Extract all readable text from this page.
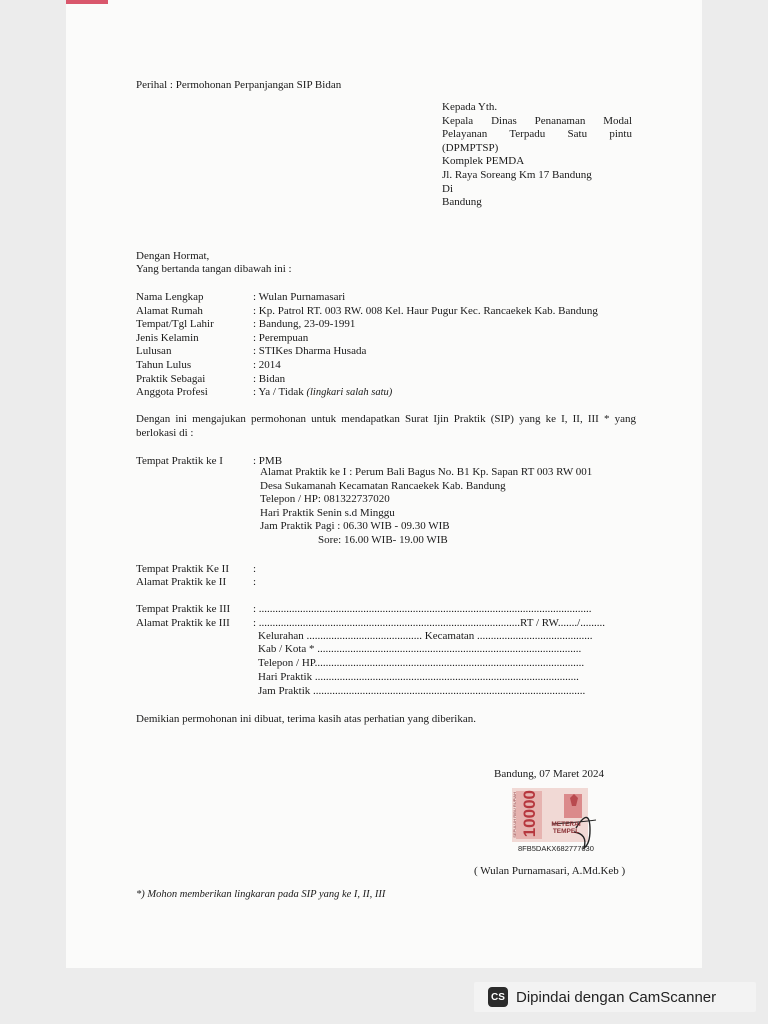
Perihal : Permohonan Perpanjangan SIP Bidan
Kepada Yth.
Kepala Dinas Penanaman Modal
Pelayanan Terpadu Satu pintu
(DPMPTSP)
Komplek PEMDA
Jl. Raya Soreang Km 17 Bandung
Di
Bandung
Dengan Hormat,
Yang bertanda tangan dibawah ini :
Nama Lengkap	: Wulan Purnamasari
Alamat Rumah	: Kp. Patrol RT. 003 RW. 008 Kel. Haur Pugur Kec. Rancaekek Kab. Bandung
Tempat/Tgl Lahir	: Bandung, 23-09-1991
Jenis Kelamin	: Perempuan
Lulusan	: STIKes Dharma Husada
Tahun Lulus	: 2014
Praktik Sebagai	: Bidan
Anggota Profesi	: Ya / Tidak
(lingkari salah satu)
Dengan ini mengajukan permohonan untuk mendapatkan Surat Ijin Praktik (SIP) yang ke I, II, III * yang berlokasi di :
Tempat Praktik ke I	: PMB
Alamat Praktik ke I : Perum Bali Bagus No. B1 Kp. Sapan RT 003 RW 001
Desa Sukamanah Kecamatan Rancaekek Kab. Bandung
Telepon / HP: 081322737020
Hari Praktik Senin s.d Minggu
Jam Praktik Pagi : 06.30 WIB - 09.30 WIB
Sore: 16.00 WIB- 19.00 WIB
Tempat Praktik Ke II :
Alamat Praktik ke II :
Tempat Praktik ke III : .........................................................................................................................
Alamat Praktik ke III : ...............................................................................................RT / RW......./.........
Kelurahan .......................................... Kecamatan ..........................................
Kab / Kota * ................................................................................................
Telepon / HP..................................................................................................
Hari Praktik ................................................................................................
Jam Praktik ...................................................................................................
Demikian permohonan ini dibuat, terima kasih atas perhatian yang diberikan.
Bandung, 07 Maret 2024
10000
SEPULUH RIBU RUPIAH	METERAI TEMPEL
8FB5DAKX682777630
( Wulan Purnamasari, A.Md.Keb )
*) Mohon memberikan lingkaran pada SIP yang ke I, II, III
CS Dipindai dengan CamScanner
